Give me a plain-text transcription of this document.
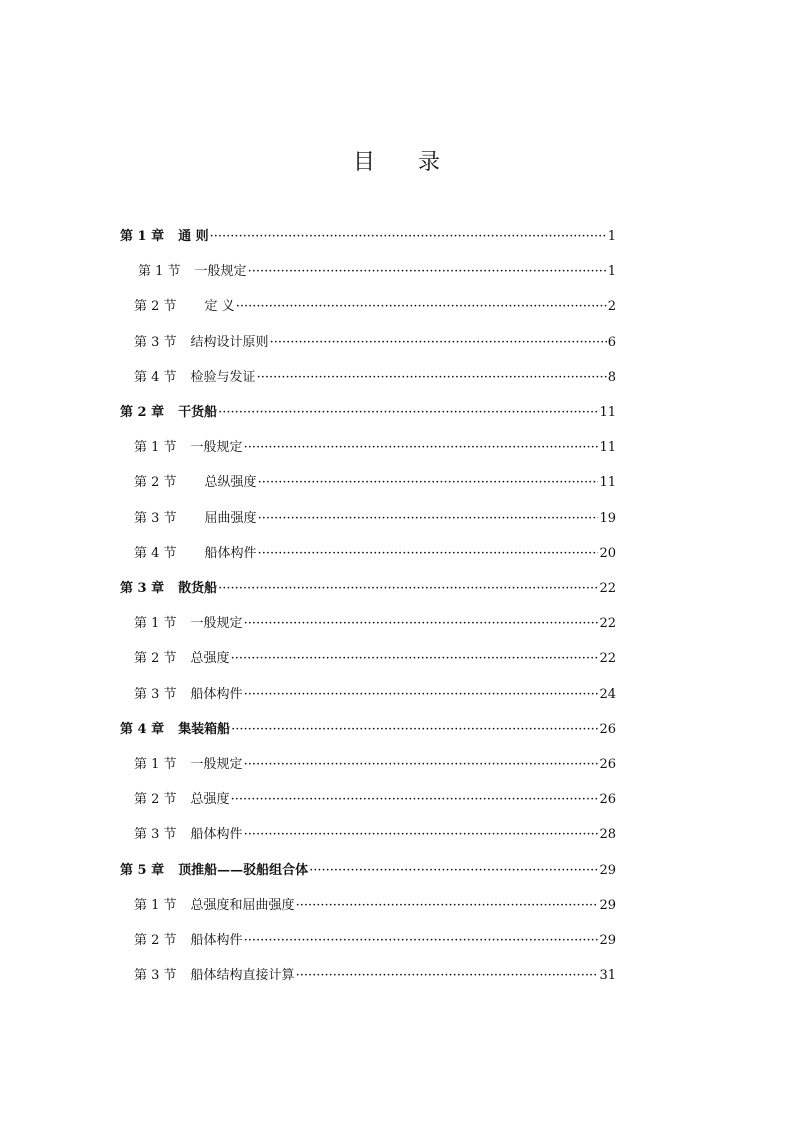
目 录
第 1 章 通 则 ·····	1
第 1 节 一般规定 ·····	1
第 2 节 定 义 ·····	2
第 3 节 结构设计原则 ·····	6
第 4 节 检验与发证 ·····	8
第 2 章 干货船 ·····	11
第 1 节 一般规定 ·····	11
第 2 节 总纵强度 ·····	11
第 3 节 屈曲强度 ·····	19
第 4 节 船体构件 ·····	20
第 3 章 散货船 ·····	22
第 1 节 一般规定 ·····	22
第 2 节 总强度 ·····	22
第 3 节 船体构件 ·····	24
第 4 章 集装箱船 ·····	26
第 1 节 一般规定 ·····	26
第 2 节 总强度 ·····	26
第 3 节 船体构件 ·····	28
第 5 章 顶推船——驳船组合体 ·····	29
第 1 节 总强度和屈曲强度 ·····	29
第 2 节 船体构件 ·····	29
第 3 节 船体结构直接计算 ·····	31
